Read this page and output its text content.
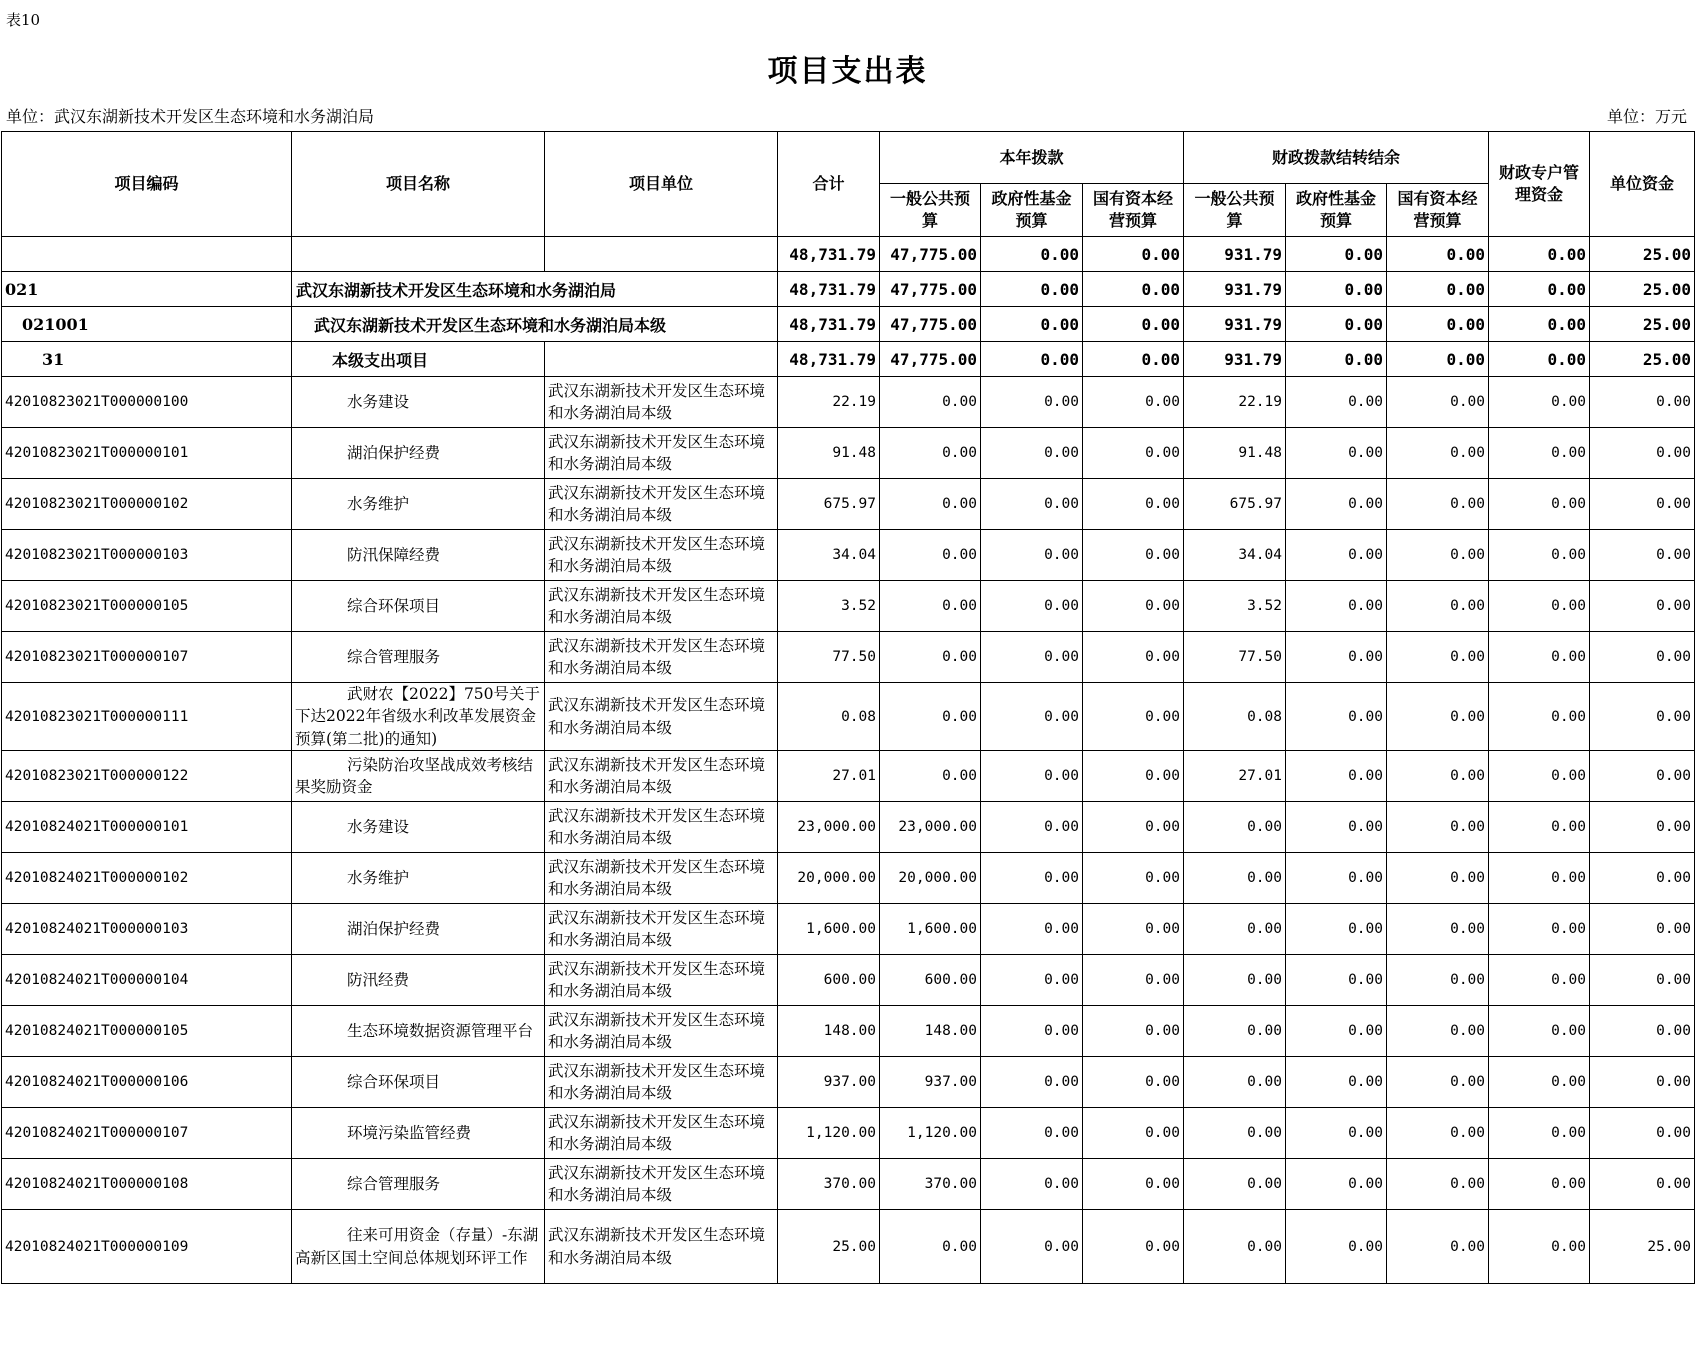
表10
项目支出表
单位：武汉东湖新技术开发区生态环境和水务湖泊局	单位：万元
项目编码	项目名称	项目单位	合计	本年拨款			财政拨款结转结余			财政专户管理资金	单位资金
				一般公共预算	政府性基金预算	国有资本经营预算	一般公共预算	政府性基金预算	国有资本经营预算		
			48,731.79	47,775.00	0.00	0.00	931.79	0.00	0.00	0.00	25.00
021	武汉东湖新技术开发区生态环境和水务湖泊局		48,731.79	47,775.00	0.00	0.00	931.79	0.00	0.00	0.00	25.00
021001	武汉东湖新技术开发区生态环境和水务湖泊局本级		48,731.79	47,775.00	0.00	0.00	931.79	0.00	0.00	0.00	25.00
31	本级支出项目		48,731.79	47,775.00	0.00	0.00	931.79	0.00	0.00	0.00	25.00
42010823021T000000100	水务建设	武汉东湖新技术开发区生态环境和水务湖泊局本级	22.19	0.00	0.00	0.00	22.19	0.00	0.00	0.00	0.00
42010823021T000000101	湖泊保护经费	武汉东湖新技术开发区生态环境和水务湖泊局本级	91.48	0.00	0.00	0.00	91.48	0.00	0.00	0.00	0.00
42010823021T000000102	水务维护	武汉东湖新技术开发区生态环境和水务湖泊局本级	675.97	0.00	0.00	0.00	675.97	0.00	0.00	0.00	0.00
42010823021T000000103	防汛保障经费	武汉东湖新技术开发区生态环境和水务湖泊局本级	34.04	0.00	0.00	0.00	34.04	0.00	0.00	0.00	0.00
42010823021T000000105	综合环保项目	武汉东湖新技术开发区生态环境和水务湖泊局本级	3.52	0.00	0.00	0.00	3.52	0.00	0.00	0.00	0.00
42010823021T000000107	综合管理服务	武汉东湖新技术开发区生态环境和水务湖泊局本级	77.50	0.00	0.00	0.00	77.50	0.00	0.00	0.00	0.00
42010823021T000000111	武财农【2022】750号关于下达2022年省级水利改革发展资金预算(第二批)的通知)	武汉东湖新技术开发区生态环境和水务湖泊局本级	0.08	0.00	0.00	0.00	0.08	0.00	0.00	0.00	0.00
42010823021T000000122	污染防治攻坚战成效考核结果奖励资金	武汉东湖新技术开发区生态环境和水务湖泊局本级	27.01	0.00	0.00	0.00	27.01	0.00	0.00	0.00	0.00
42010824021T000000101	水务建设	武汉东湖新技术开发区生态环境和水务湖泊局本级	23,000.00	23,000.00	0.00	0.00	0.00	0.00	0.00	0.00	0.00
42010824021T000000102	水务维护	武汉东湖新技术开发区生态环境和水务湖泊局本级	20,000.00	20,000.00	0.00	0.00	0.00	0.00	0.00	0.00	0.00
42010824021T000000103	湖泊保护经费	武汉东湖新技术开发区生态环境和水务湖泊局本级	1,600.00	1,600.00	0.00	0.00	0.00	0.00	0.00	0.00	0.00
42010824021T000000104	防汛经费	武汉东湖新技术开发区生态环境和水务湖泊局本级	600.00	600.00	0.00	0.00	0.00	0.00	0.00	0.00	0.00
42010824021T000000105	生态环境数据资源管理平台	武汉东湖新技术开发区生态环境和水务湖泊局本级	148.00	148.00	0.00	0.00	0.00	0.00	0.00	0.00	0.00
42010824021T000000106	综合环保项目	武汉东湖新技术开发区生态环境和水务湖泊局本级	937.00	937.00	0.00	0.00	0.00	0.00	0.00	0.00	0.00
42010824021T000000107	环境污染监管经费	武汉东湖新技术开发区生态环境和水务湖泊局本级	1,120.00	1,120.00	0.00	0.00	0.00	0.00	0.00	0.00	0.00
42010824021T000000108	综合管理服务	武汉东湖新技术开发区生态环境和水务湖泊局本级	370.00	370.00	0.00	0.00	0.00	0.00	0.00	0.00	0.00
42010824021T000000109	往来可用资金（存量）-东湖高新区国土空间总体规划环评工作	武汉东湖新技术开发区生态环境和水务湖泊局本级	25.00	0.00	0.00	0.00	0.00	0.00	0.00	0.00	25.00
